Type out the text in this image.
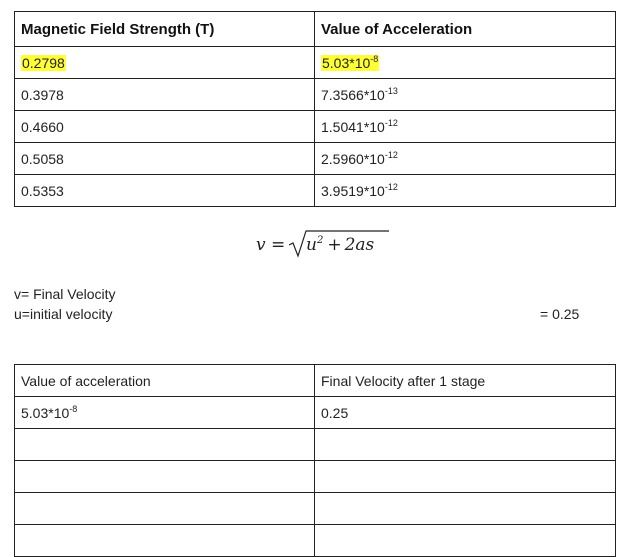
Magnetic Field Strength (T)	Value of Acceleration
0.2798	$5.03*10^{-8}$
0.3978	$7.3566*10^{-13}$
0.4660	$1.5041*10^{-12}$
0.5058	$2.5960*10^{-12}$
0.5353	$3.9519*10^{-12}$
$v = u^2 + 2as$
v= Final Velocity
u=initial velocity	= 0.25
Value of acceleration	Final Velocity after 1 stage
$5.03*10^{-8}$	0.25
